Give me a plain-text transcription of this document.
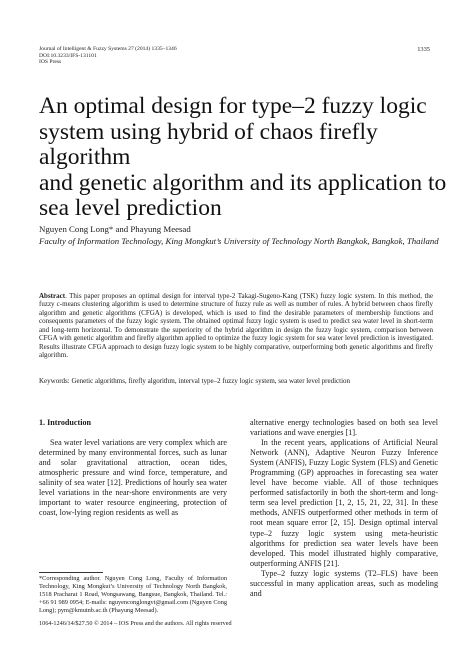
Journal of Intelligent & Fuzzy Systems 27 (2014) 1335–1346
DOI:10.3233/IFS-131101
IOS Press
1335
An optimal design for type–2 fuzzy logic
system using hybrid of chaos firefly algorithm
and genetic algorithm and its application to
sea level prediction
Nguyen Cong Long* and Phayung Meesad
Faculty of Information Technology, King Mongkut’s University of Technology North Bangkok, Bangkok, Thailand

Abstract. This paper proposes an optimal design for interval type-2 Takagi-Sugeno-Kang (TSK) fuzzy logic system. In this method, the fuzzy c-means clustering algorithm is used to determine structure of fuzzy rule as well as number of rules. A hybrid between chaos firefly algorithm and genetic algorithms (CFGA) is developed, which is used to find the desirable parameters of membership functions and consequents parameters of the fuzzy logic system. The obtained optimal fuzzy logic system is used to predict sea water level in short-term and long-term horizontal. To demonstrate the superiority of the hybrid algorithm in design the fuzzy logic system, comparison between CFGA with genetic algorithm and firefly algorithm applied to optimize the fuzzy logic system for sea water level prediction is investigated. Results illustrate CFGA approach to design fuzzy logic system to be highly comparative, outperforming both genetic algorithms and firefly algorithm.

Keywords: Genetic algorithms, firefly algorithm, interval type–2 fuzzy logic system, sea water level prediction

1. Introduction

Sea water level variations are very complex which are determined by many environmental forces, such as lunar and solar gravitational attraction, ocean tides, atmospheric pressure and wind force, temperature, and salinity of sea water [12]. Predictions of hourly sea water level variations in the near-shore environments are very important to water resource engineering, protection of coast, low-lying region residents as well as

alternative energy technologies based on both sea level variations and wave energies [1].

In the recent years, applications of Artificial Neural Network (ANN), Adaptive Neuron Fuzzy Inference System (ANFIS), Fuzzy Logic System (FLS) and Genetic Programming (GP) approaches in forecasting sea water level have become viable. All of those techniques performed satisfactorily in both the short-term and long-term sea level prediction [1, 2, 15, 21, 22, 31]. In these methods, ANFIS outperformed other methods in term of root mean square error [2, 15]. Design optimal interval type–2 fuzzy logic system using meta-heuristic algorithms for prediction sea water levels have been developed. This model illustrated highly comparative, outperforming ANFIS [21].

Type–2 fuzzy logic systems (T2–FLS) have been successful in many application areas, such as modeling and

*Corresponding author. Nguyen Cong Long, Faculty of Information Technology, King Mongkut’s University of Technology North Bangkok, 1518 Pracharat 1 Road, Wongsawang, Bangsue, Bangkok, Thailand. Tel.: +66 91 989 0954; E-mails: nguyenconglongvt@gmail.com (Nguyen Cong Long); pym@kmutnb.ac.th (Phayung Meesad).

1064-1246/14/$27.50 © 2014 – IOS Press and the authors. All rights reserved
